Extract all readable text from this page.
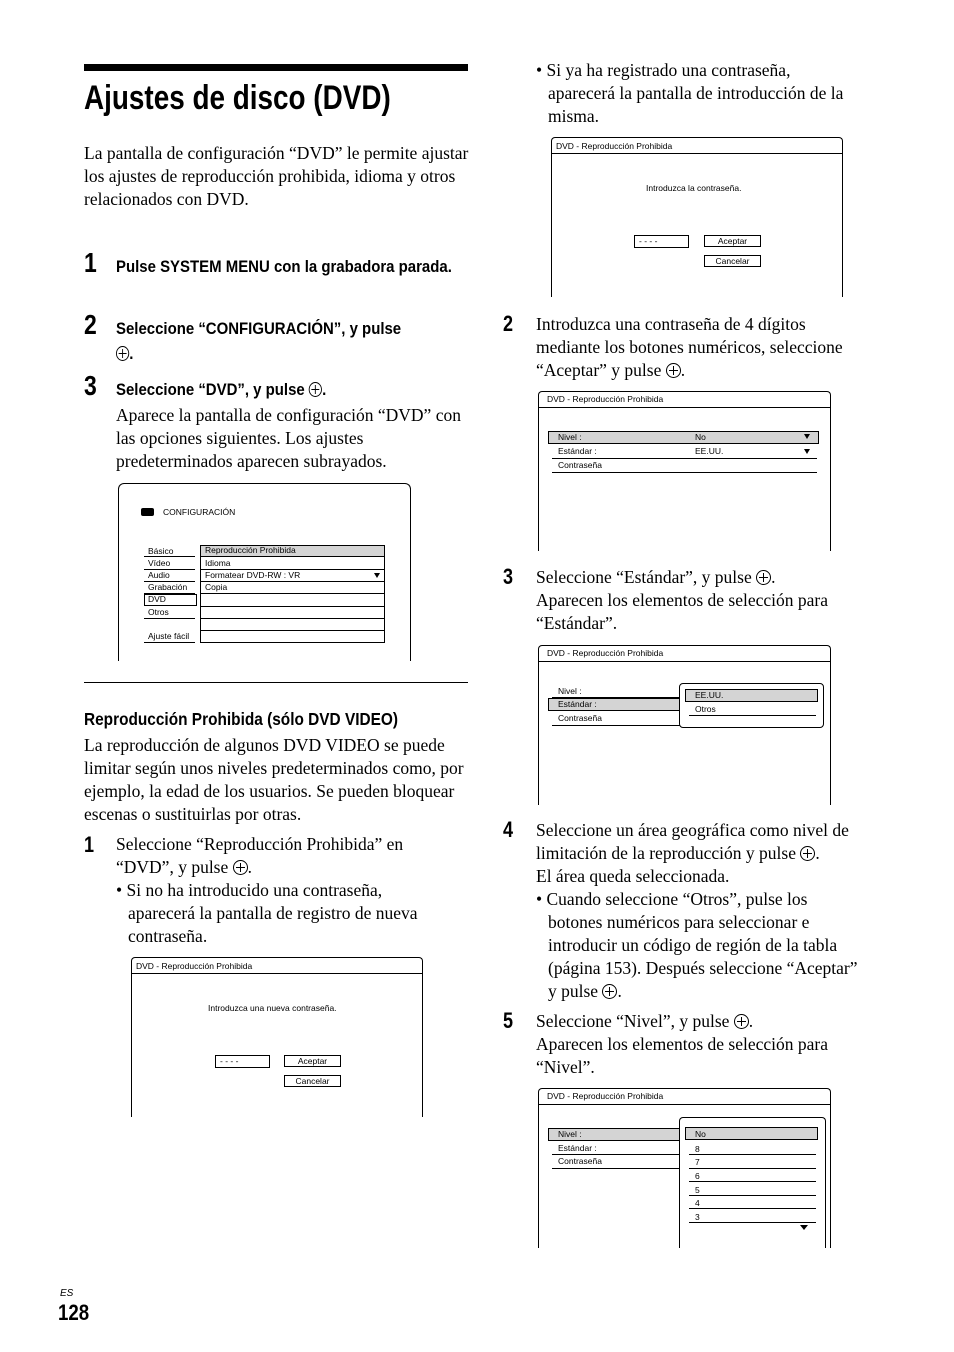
Ajustes de disco (DVD)
La pantalla de configuración “DVD” le permite ajustar los ajustes de reproducción prohibida, idioma y otros relacionados con DVD.
1 Pulse SYSTEM MENU con la grabadora parada.
2 Seleccione “CONFIGURACIÓN”, y pulse
.
3 Seleccione “DVD”, y pulse .
Aparece la pantalla de configuración “DVD” con las opciones siguientes. Los ajustes predeterminados aparecen subrayados.
CONFIGURACIÓN
Básico
Vídeo
Audio
Grabación
DVD
Otros
Ajuste fácil
Reproducción Prohibida
Idioma
Formatear DVD-RW : VR
Copia
Reproducción Prohibida (sólo DVD VIDEO)
La reproducción de algunos DVD VIDEO se puede limitar según unos niveles predeterminados como, por ejemplo, la edad de los usuarios. Se pueden bloquear escenas o sustituirlas por otras.
1 Seleccione “Reproducción Prohibida” en
“DVD”, y pulse .
• Si no ha introducido una contraseña,
aparecerá la pantalla de registro de nueva
contraseña.
DVD - Reproducción Prohibida
Introduzca una nueva contraseña.
- - - -	Aceptar
Cancelar
• Si ya ha registrado una contraseña,
aparecerá la pantalla de introducción de la
misma.
DVD - Reproducción Prohibida
Introduzca la contraseña.
- - - -	Aceptar
Cancelar
2 Introduzca una contraseña de 4 dígitos
mediante los botones numéricos, seleccione
“Aceptar” y pulse .
DVD - Reproducción Prohibida
Nivel :	No
Estándar :	EE.UU.
Contraseña
3 Seleccione “Estándar”, y pulse .
Aparecen los elementos de selección para
“Estándar”.
DVD - Reproducción Prohibida
Nivel :
Estándar :
Contraseña
EE.UU.
Otros
4 Seleccione un área geográfica como nivel de
limitación de la reproducción y pulse .
El área queda seleccionada.
• Cuando seleccione “Otros”, pulse los
botones numéricos para seleccionar e
introducir un código de región de la tabla
(página 153). Después seleccione “Aceptar”
y pulse .
5 Seleccione “Nivel”, y pulse .
Aparecen los elementos de selección para
“Nivel”.
DVD - Reproducción Prohibida
Nivel :
Estándar :
Contraseña
No
8
7
6
5
4
3
ES
128
